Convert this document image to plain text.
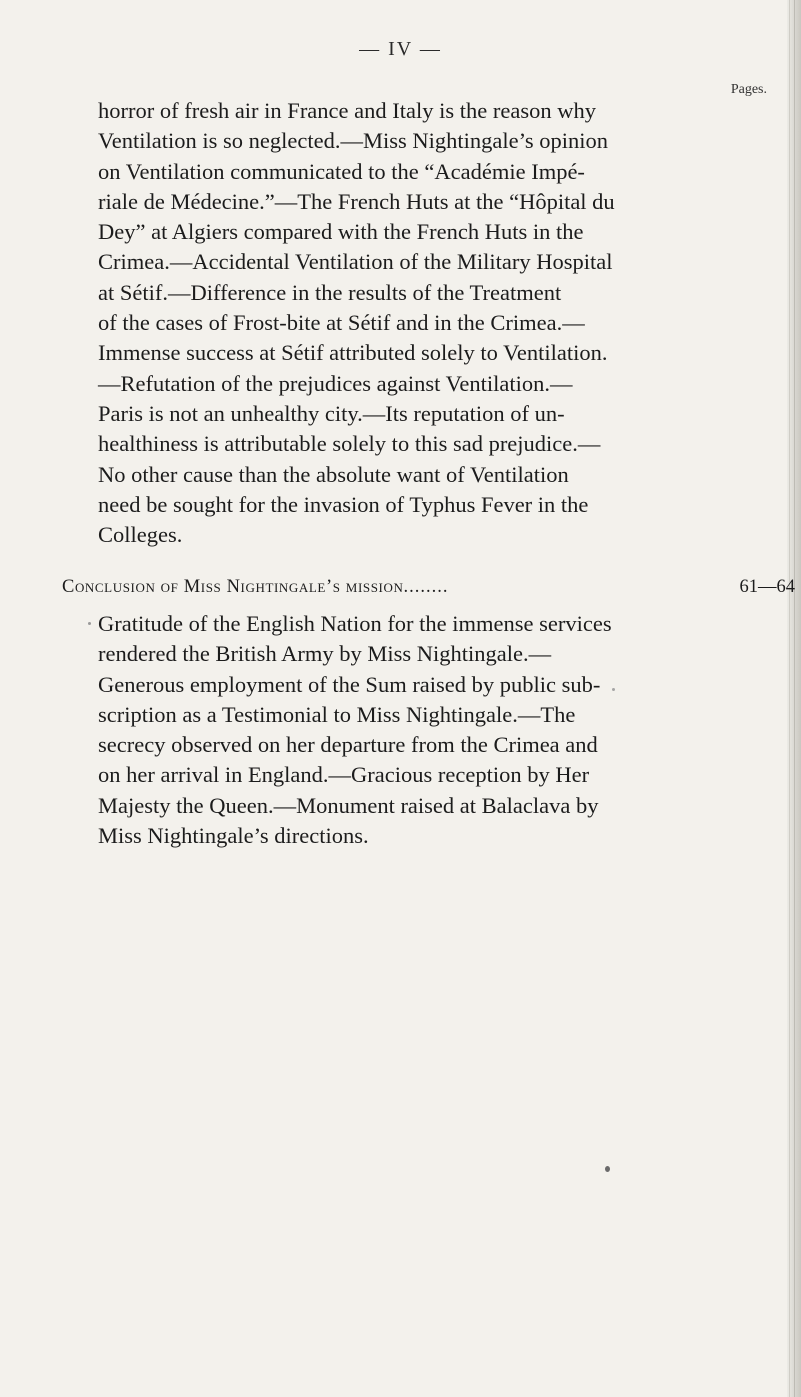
— IV —
Pages.

horror of fresh air in France and Italy is the reason why
Ventilation is so neglected.—Miss Nightingale’s opinion
on Ventilation communicated to the “Académie Impé-
riale de Médecine.”—The French Huts at the “Hôpital du
Dey” at Algiers compared with the French Huts in the
Crimea.—Accidental Ventilation of the Military Hospital
at Sétif.—Difference in the results of the Treatment
of the cases of Frost-bite at Sétif and in the Crimea.—
Immense success at Sétif attributed solely to Ventilation.
—Refutation of the prejudices against Ventilation.—
Paris is not an unhealthy city.—Its reputation of un-
healthiness is attributable solely to this sad prejudice.—
No other cause than the absolute want of Ventilation
need be sought for the invasion of Typhus Fever in the
Colleges.

Conclusion of Miss Nightingale’s mission........	61—64

Gratitude of the English Nation for the immense services
rendered the British Army by Miss Nightingale.—
Generous employment of the Sum raised by public sub-
scription as a Testimonial to Miss Nightingale.—The
secrecy observed on her departure from the Crimea and
on her arrival in England.—Gracious reception by Her
Majesty the Queen.—Monument raised at Balaclava by
Miss Nightingale’s directions.
